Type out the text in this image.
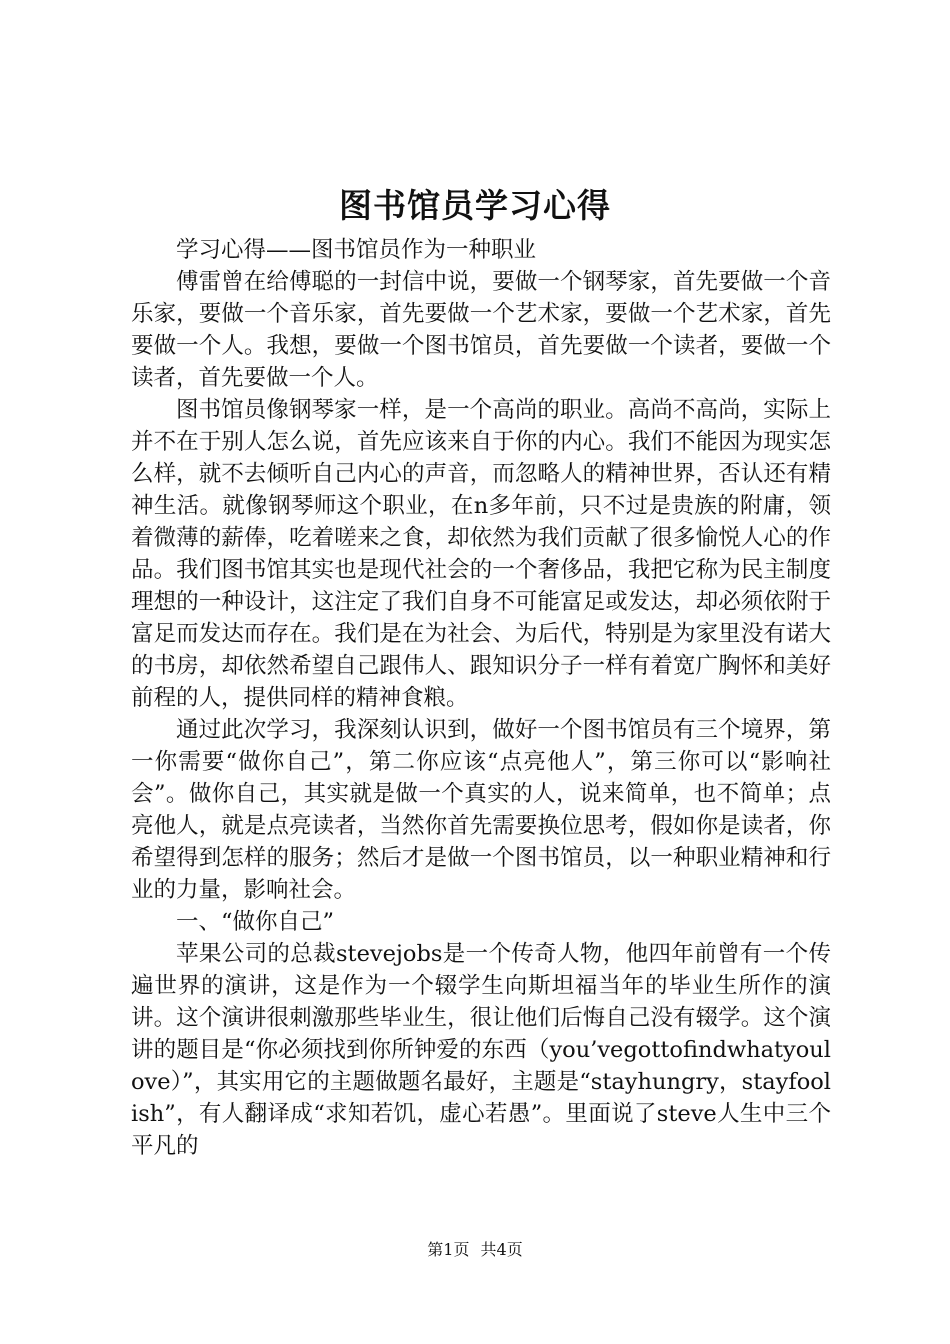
图书馆员学习心得

学习心得——图书馆员作为一种职业

傅雷曾在给傅聪的一封信中说，要做一个钢琴家，首先要做一个音乐家，要做一个音乐家，首先要做一个艺术家，要做一个艺术家，首先要做一个人。我想，要做一个图书馆员，首先要做一个读者，要做一个读者，首先要做一个人。

图书馆员像钢琴家一样，是一个高尚的职业。高尚不高尚，实际上并不在于别人怎么说，首先应该来自于你的内心。我们不能因为现实怎么样，就不去倾听自己内心的声音，而忽略人的精神世界，否认还有精神生活。就像钢琴师这个职业，在n多年前，只不过是贵族的附庸，领着微薄的薪俸，吃着嗟来之食，却依然为我们贡献了很多愉悦人心的作品。我们图书馆其实也是现代社会的一个奢侈品，我把它称为民主制度理想的一种设计，这注定了我们自身不可能富足或发达，却必须依附于富足而发达而存在。我们是在为社会、为后代，特别是为家里没有诺大的书房，却依然希望自己跟伟人、跟知识分子一样有着宽广胸怀和美好前程的人，提供同样的精神食粮。

通过此次学习，我深刻认识到，做好一个图书馆员有三个境界，第一你需要“做你自己”，第二你应该“点亮他人”，第三你可以“影响社会”。做你自己，其实就是做一个真实的人，说来简单，也不简单；点亮他人，就是点亮读者，当然你首先需要换位思考，假如你是读者，你希望得到怎样的服务；然后才是做一个图书馆员，以一种职业精神和行业的力量，影响社会。

一、“做你自己”

苹果公司的总裁stevejobs是一个传奇人物，他四年前曾有一个传遍世界的演讲，这是作为一个辍学生向斯坦福当年的毕业生所作的演讲。这个演讲很刺激那些毕业生，很让他们后悔自己没有辍学。这个演讲的题目是“你必须找到你所钟爱的东西（you’vegottofindwhatyoulove）”，其实用它的主题做题名最好，主题是“stayhungry，stayfoolish”，有人翻译成“求知若饥，虚心若愚”。里面说了steve人生中三个平凡的

第1页 共4页
